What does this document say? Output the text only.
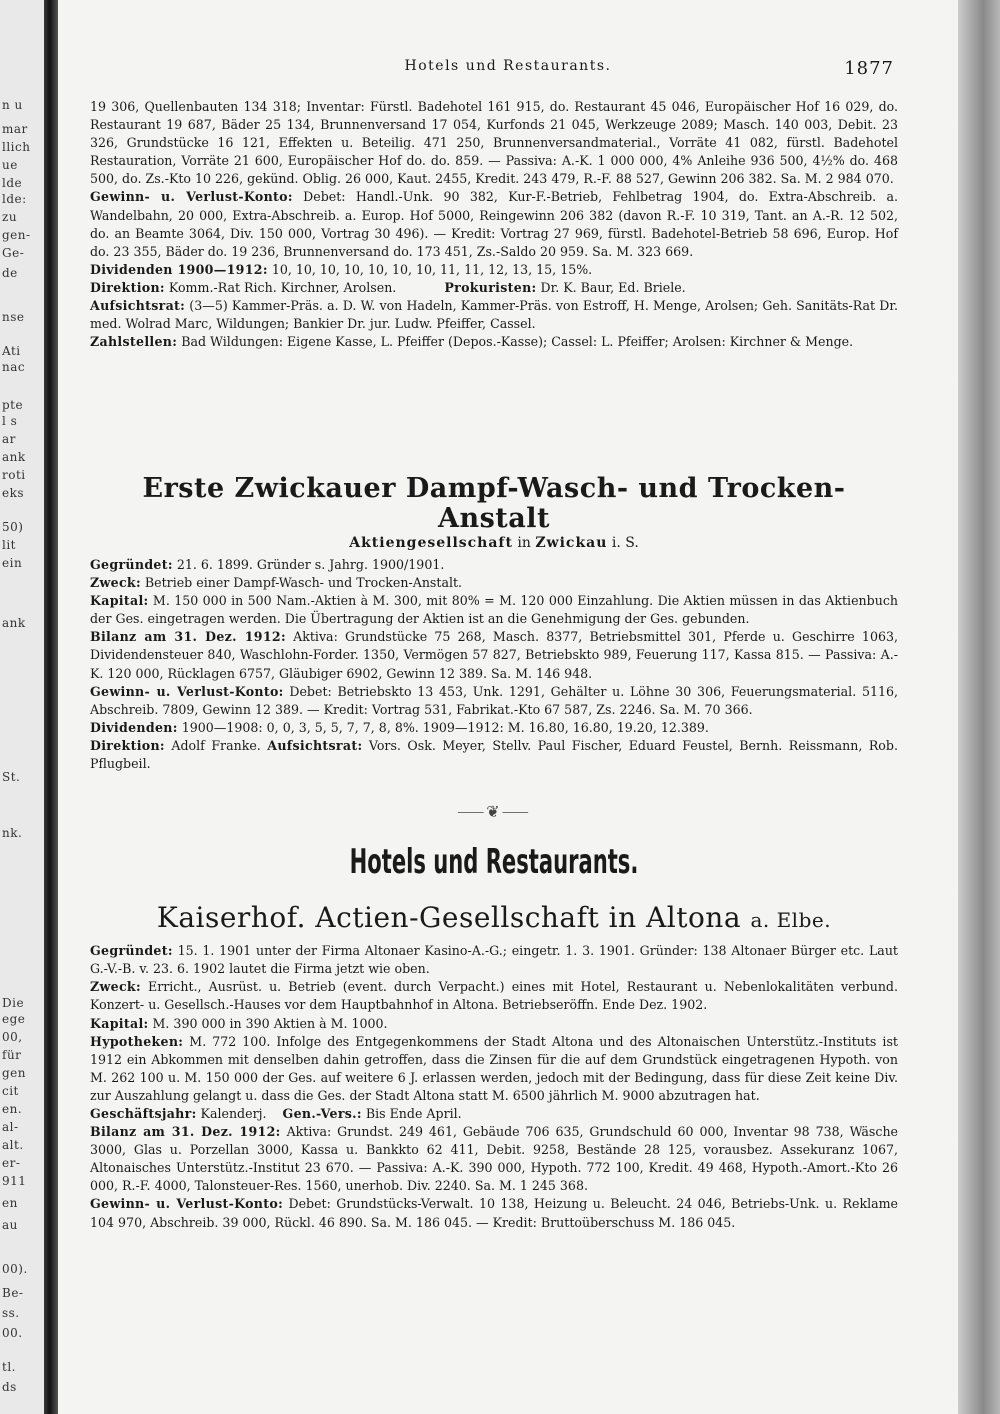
n u
mar
llich
ue
lde
lde:
zu
gen-
Ge-
de
nse
Ati
nac
pte
l s
ar
ank
roti
eks
50)
lit
ein
ank
St.
nk.
Die
ege
00,
für
gen
cit
en.
al-
alt.
er-
911
en
au
00).
Be-
ss.
00.
tl.
ds
Hotels und Restaurants.	1877

19 306, Quellenbauten 134 318; Inventar: Fürstl. Badehotel 161 915, do. Restaurant 45 046, Europäischer Hof 16 029, do. Restaurant 19 687, Bäder 25 134, Brunnenversand 17 054, Kurfonds 21 045, Werkzeuge 2089; Masch. 140 003, Debit. 23 326, Grundstücke 16 121, Effekten u. Beteilig. 471 250, Brunnenversandmaterial., Vorräte 41 082, fürstl. Badehotel Restauration, Vorräte 21 600, Europäischer Hof do. do. 859. — Passiva: A.-K. 1 000 000, 4% Anleihe 936 500, 4½% do. 468 500, do. Zs.-Kto 10 226, gekünd. Oblig. 26 000, Kaut. 2455, Kredit. 243 479, R.-F. 88 527, Gewinn 206 382. Sa. M. 2 984 070.

Gewinn- u. Verlust-Konto: Debet: Handl.-Unk. 90 382, Kur-F.-Betrieb, Fehlbetrag 1904, do. Extra-Abschreib. a. Wandelbahn, 20 000, Extra-Abschreib. a. Europ. Hof 5000, Reingewinn 206 382 (davon R.-F. 10 319, Tant. an A.-R. 12 502, do. an Beamte 3064, Div. 150 000, Vortrag 30 496). — Kredit: Vortrag 27 969, fürstl. Badehotel-Betrieb 58 696, Europ. Hof do. 23 355, Bäder do. 19 236, Brunnenversand do. 173 451, Zs.-Saldo 20 959. Sa. M. 323 669.

Dividenden 1900—1912: 10, 10, 10, 10, 10, 10, 10, 11, 11, 12, 13, 15, 15%.

Direktion: Komm.-Rat Rich. Kirchner, Arolsen.	Prokuristen: Dr. K. Baur, Ed. Briele.

Aufsichtsrat: (3—5) Kammer-Präs. a. D. W. von Hadeln, Kammer-Präs. von Estroff, H. Menge, Arolsen; Geh. Sanitäts-Rat Dr. med. Wolrad Marc, Wildungen; Bankier Dr. jur. Ludw. Pfeiffer, Cassel.

Zahlstellen: Bad Wildungen: Eigene Kasse, L. Pfeiffer (Depos.-Kasse); Cassel: L. Pfeiffer; Arolsen: Kirchner & Menge.

Erste Zwickauer Dampf-Wasch- und Trocken-Anstalt
Aktiengesellschaft in Zwickau i. S.

Gegründet: 21. 6. 1899. Gründer s. Jahrg. 1900/1901.

Zweck: Betrieb einer Dampf-Wasch- und Trocken-Anstalt.

Kapital: M. 150 000 in 500 Nam.-Aktien à M. 300, mit 80% = M. 120 000 Einzahlung. Die Aktien müssen in das Aktienbuch der Ges. eingetragen werden. Die Übertragung der Aktien ist an die Genehmigung der Ges. gebunden.

Bilanz am 31. Dez. 1912: Aktiva: Grundstücke 75 268, Masch. 8377, Betriebsmittel 301, Pferde u. Geschirre 1063, Dividendensteuer 840, Waschlohn-Forder. 1350, Vermögen 57 827, Betriebskto 989, Feuerung 117, Kassa 815. — Passiva: A.-K. 120 000, Rücklagen 6757, Gläubiger 6902, Gewinn 12 389. Sa. M. 146 948.

Gewinn- u. Verlust-Konto: Debet: Betriebskto 13 453, Unk. 1291, Gehälter u. Löhne 30 306, Feuerungsmaterial. 5116, Abschreib. 7809, Gewinn 12 389. — Kredit: Vortrag 531, Fabrikat.-Kto 67 587, Zs. 2246. Sa. M. 70 366.

Dividenden: 1900—1908: 0, 0, 3, 5, 5, 7, 7, 8, 8%. 1909—1912: M. 16.80, 16.80, 19.20, 12.389.

Direktion: Adolf Franke. Aufsichtsrat: Vors. Osk. Meyer, Stellv. Paul Fischer, Eduard Feustel, Bernh. Reissmann, Rob. Pflugbeil.

⸺❦⸺
Hotels und Restaurants.
Kaiserhof. Actien-Gesellschaft in Altona a. Elbe.

Gegründet: 15. 1. 1901 unter der Firma Altonaer Kasino-A.-G.; eingetr. 1. 3. 1901. Gründer: 138 Altonaer Bürger etc. Laut G.-V.-B. v. 23. 6. 1902 lautet die Firma jetzt wie oben.

Zweck: Erricht., Ausrüst. u. Betrieb (event. durch Verpacht.) eines mit Hotel, Restaurant u. Nebenlokalitäten verbund. Konzert- u. Gesellsch.-Hauses vor dem Hauptbahnhof in Altona. Betriebseröffn. Ende Dez. 1902.

Kapital: M. 390 000 in 390 Aktien à M. 1000.

Hypotheken: M. 772 100. Infolge des Entgegenkommens der Stadt Altona und des Altonaischen Unterstütz.-Instituts ist 1912 ein Abkommen mit denselben dahin getroffen, dass die Zinsen für die auf dem Grundstück eingetragenen Hypoth. von M. 262 100 u. M. 150 000 der Ges. auf weitere 6 J. erlassen werden, jedoch mit der Bedingung, dass für diese Zeit keine Div. zur Auszahlung gelangt u. dass die Ges. der Stadt Altona statt M. 6500 jährlich M. 9000 abzutragen hat.

Geschäftsjahr: Kalenderj. Gen.-Vers.: Bis Ende April.

Bilanz am 31. Dez. 1912: Aktiva: Grundst. 249 461, Gebäude 706 635, Grundschuld 60 000, Inventar 98 738, Wäsche 3000, Glas u. Porzellan 3000, Kassa u. Bankkto 62 411, Debit. 9258, Bestände 28 125, vorausbez. Assekuranz 1067, Altonaisches Unterstütz.-Institut 23 670. — Passiva: A.-K. 390 000, Hypoth. 772 100, Kredit. 49 468, Hypoth.-Amort.-Kto 26 000, R.-F. 4000, Talonsteuer-Res. 1560, unerhob. Div. 2240. Sa. M. 1 245 368.

Gewinn- u. Verlust-Konto: Debet: Grundstücks-Verwalt. 10 138, Heizung u. Beleucht. 24 046, Betriebs-Unk. u. Reklame 104 970, Abschreib. 39 000, Rückl. 46 890. Sa. M. 186 045. — Kredit: Bruttoüberschuss M. 186 045.
